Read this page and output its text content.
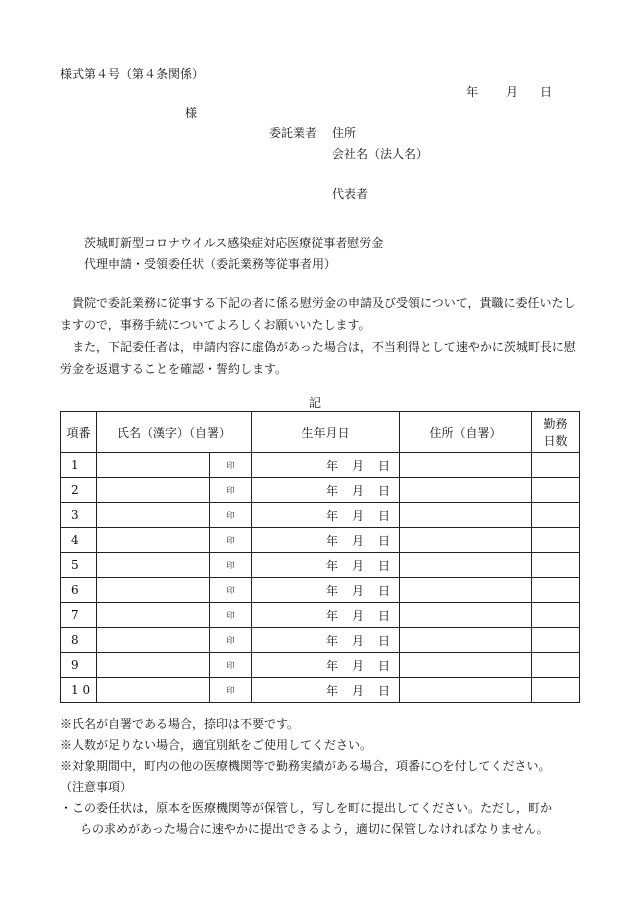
様式第４号（第４条関係）
年 月 日
様
委託業者 住所
会社名（法人名）
代表者
茨城町新型コロナウイルス感染症対応医療従事者慰労金
代理申請・受領委任状（委託業務等従事者用）

貴院で委託業務に従事する下記の者に係る慰労金の申請及び受領について，貴職に委任いたしますので，事務手続についてよろしくお願いいたします。

また，下記委任者は，申請内容に虚偽があった場合は，不当利得として速やかに茨城町長に慰労金を返還することを確認・誓約します。

記
項番	氏名（漢字）（自署）		生年月日	住所（自署）	勤務
日数

1		印	年　月　日		
2		印	年　月　日		
3		印	年　月　日		
4		印	年　月　日		
5		印	年　月　日		
6		印	年　月　日		
7		印	年　月　日		
8		印	年　月　日		
9		印	年　月　日		
1 0		印	年　月　日		
※氏名が自署である場合，捺印は不要です。
※人数が足りない場合，適宜別紙をご使用してください。
※対象期間中，町内の他の医療機関等で勤務実績がある場合，項番に○を付してください。
（注意事項）
・この委任状は，原本を医療機関等が保管し，写しを町に提出してください。ただし，町か
らの求めがあった場合に速やかに提出できるよう，適切に保管しなければなりません。
